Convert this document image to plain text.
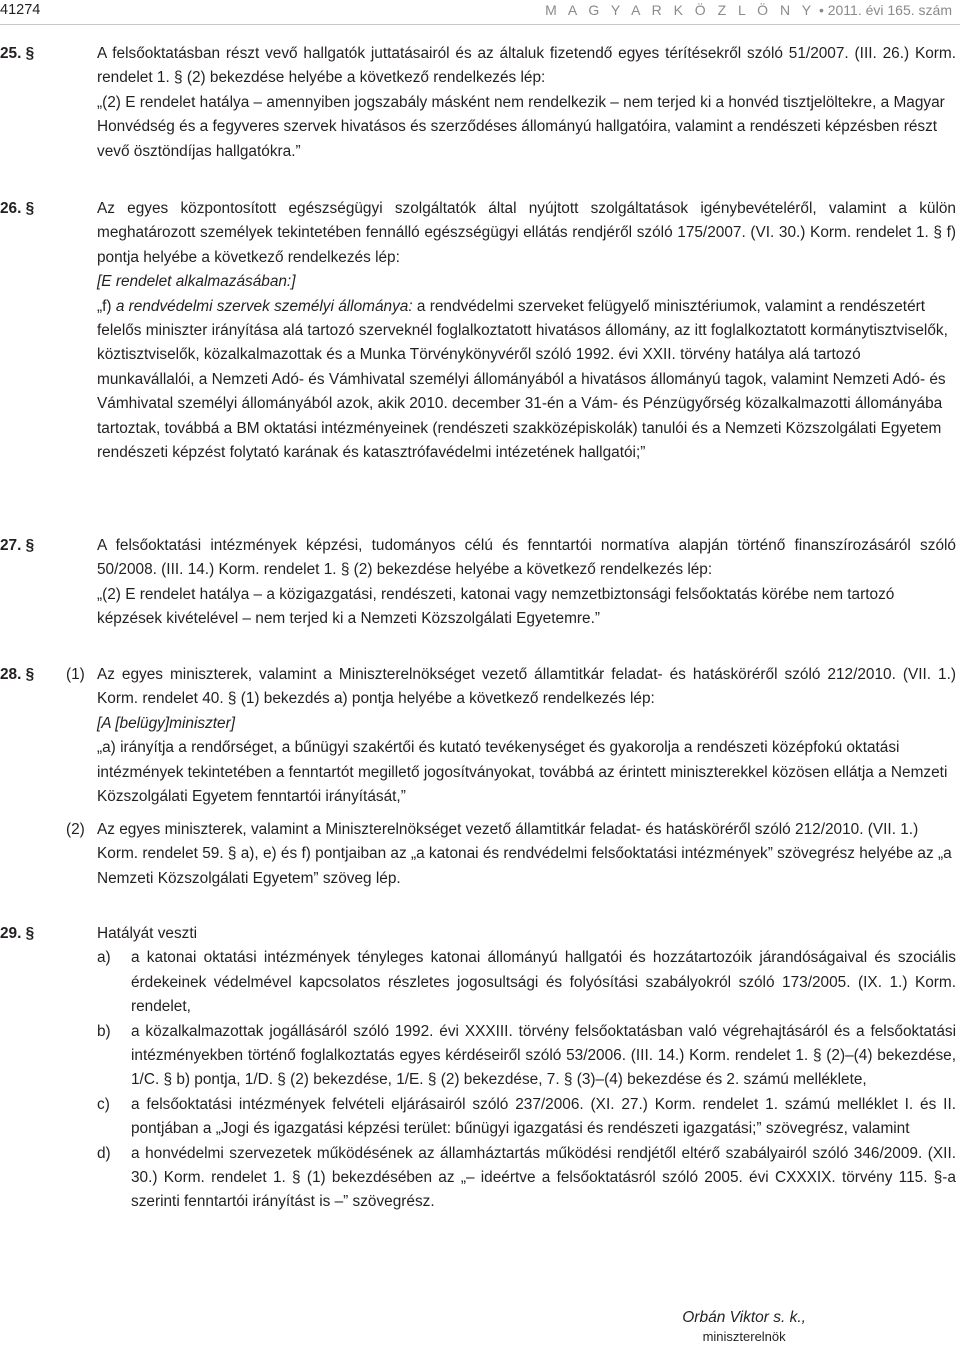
41274	M A G Y A R K Ö Z L Ö N Y • 2011. évi 165. szám
25. §	A felsőoktatásban részt vevő hallgatók juttatásairól és az általuk fizetendő egyes térítésekről szóló 51/2007. (III. 26.) Korm. rendelet 1. § (2) bekezdése helyébe a következő rendelkezés lép:

„(2) E rendelet hatálya – amennyiben jogszabály másként nem rendelkezik – nem terjed ki a honvéd tisztjelöltekre, a Magyar Honvédség és a fegyveres szervek hivatásos és szerződéses állományú hallgatóira, valamint a rendészeti képzésben részt vevő ösztöndíjas hallgatókra.”

26. §	Az egyes központosított egészségügyi szolgáltatók által nyújtott szolgáltatások igénybevételéről, valamint a külön meghatározott személyek tekintetében fennálló egészségügyi ellátás rendjéről szóló 175/2007. (VI. 30.) Korm. rendelet 1. § f) pontja helyébe a következő rendelkezés lép:

[E rendelet alkalmazásában:]

„f) a rendvédelmi szervek személyi állománya: a rendvédelmi szerveket felügyelő minisztériumok, valamint a rendészetért felelős miniszter irányítása alá tartozó szerveknél foglalkoztatott hivatásos állomány, az itt foglalkoztatott kormánytisztviselők, köztisztviselők, közalkalmazottak és a Munka Törvénykönyvéről szóló 1992. évi XXII. törvény hatálya alá tartozó munkavállalói, a Nemzeti Adó- és Vámhivatal személyi állományából a hivatásos állományú tagok, valamint Nemzeti Adó- és Vámhivatal személyi állományából azok, akik 2010. december 31-én a Vám- és Pénzügyőrség közalkalmazotti állományába tartoztak, továbbá a BM oktatási intézményeinek (rendészeti szakközépiskolák) tanulói és a Nemzeti Közszolgálati Egyetem rendészeti képzést folytató karának és katasztrófavédelmi intézetének hallgatói;”

27. §	A felsőoktatási intézmények képzési, tudományos célú és fenntartói normatíva alapján történő finanszírozásáról szóló 50/2008. (III. 14.) Korm. rendelet 1. § (2) bekezdése helyébe a következő rendelkezés lép:

„(2) E rendelet hatálya – a közigazgatási, rendészeti, katonai vagy nemzetbiztonsági felsőoktatás körébe nem tartozó képzések kivételével – nem terjed ki a Nemzeti Közszolgálati Egyetemre.”

28. § (1) Az egyes miniszterek, valamint a Miniszterelnökséget vezető államtitkár feladat- és hatásköréről szóló 212/2010. (VII. 1.) Korm. rendelet 40. § (1) bekezdés a) pontja helyébe a következő rendelkezés lép:

[A [belügy]miniszter]

„a) irányítja a rendőrséget, a bűnügyi szakértői és kutató tevékenységet és gyakorolja a rendészeti középfokú oktatási intézmények tekintetében a fenntartót megillető jogosítványokat, továbbá az érintett miniszterekkel közösen ellátja a Nemzeti Közszolgálati Egyetem fenntartói irányítását,”

(2) Az egyes miniszterek, valamint a Miniszterelnökséget vezető államtitkár feladat- és hatásköréről szóló 212/2010. (VII. 1.) Korm. rendelet 59. § a), e) és f) pontjaiban az „a katonai és rendvédelmi felsőoktatási intézmények” szövegrész helyébe az „a Nemzeti Közszolgálati Egyetem” szöveg lép.

29. §	Hatályát veszti

a) a katonai oktatási intézmények tényleges katonai állományú hallgatói és hozzátartozóik járandóságaival és szociális érdekeinek védelmével kapcsolatos részletes jogosultsági és folyósítási szabályokról szóló 173/2005. (IX. 1.) Korm. rendelet,
b) a közalkalmazottak jogállásáról szóló 1992. évi XXXIII. törvény felsőoktatásban való végrehajtásáról és a felsőoktatási intézményekben történő foglalkoztatás egyes kérdéseiről szóló 53/2006. (III. 14.) Korm. rendelet 1. § (2)–(4) bekezdése, 1/C. § b) pontja, 1/D. § (2) bekezdése, 1/E. § (2) bekezdése, 7. § (3)–(4) bekezdése és 2. számú melléklete,
c) a felsőoktatási intézmények felvételi eljárásairól szóló 237/2006. (XI. 27.) Korm. rendelet 1. számú melléklet I. és II. pontjában a „Jogi és igazgatási képzési terület: bűnügyi igazgatási és rendészeti igazgatási;” szövegrész, valamint
d) a honvédelmi szervezetek működésének az államháztartás működési rendjétől eltérő szabályairól szóló 346/2009. (XII. 30.) Korm. rendelet 1. § (1) bekezdésében az „– ideértve a felsőoktatásról szóló 2005. évi CXXXIX. törvény 115. §-a szerinti fenntartói irányítást is –” szövegrész.
Orbán Viktor s. k.,
miniszterelnök
